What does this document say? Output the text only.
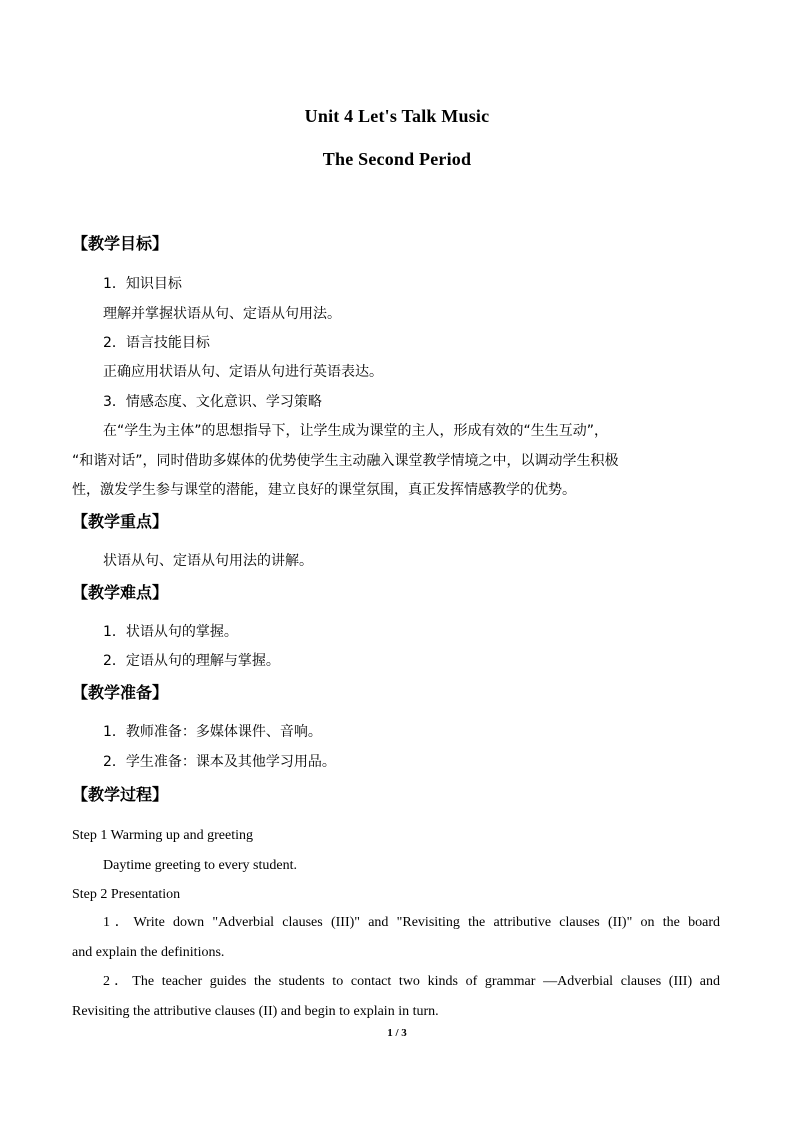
Unit 4 Let's Talk Music
The Second Period
【教学目标】
1．知识目标
理解并掌握状语从句、定语从句用法。
2．语言技能目标
正确应用状语从句、定语从句进行英语表达。
3．情感态度、文化意识、学习策略
在“学生为主体”的思想指导下，让学生成为课堂的主人，形成有效的“生生互动”，
“和谐对话”，同时借助多媒体的优势使学生主动融入课堂教学情境之中，以调动学生积极
性，激发学生参与课堂的潜能，建立良好的课堂氛围，真正发挥情感教学的优势。
【教学重点】
状语从句、定语从句用法的讲解。
【教学难点】
1．状语从句的掌握。
2．定语从句的理解与掌握。
【教学准备】
1．教师准备：多媒体课件、音响。
2．学生准备：课本及其他学习用品。
【教学过程】
Step 1 Warming up and greeting
Daytime greeting to every student.
Step 2 Presentation
1．Write down "Adverbial clauses (III)" and "Revisiting the attributive clauses (II)" on the board
and explain the definitions.
2．The teacher guides the students to contact two kinds of grammar —Adverbial clauses (III) and
Revisiting the attributive clauses (II) and begin to explain in turn.
1 / 3
